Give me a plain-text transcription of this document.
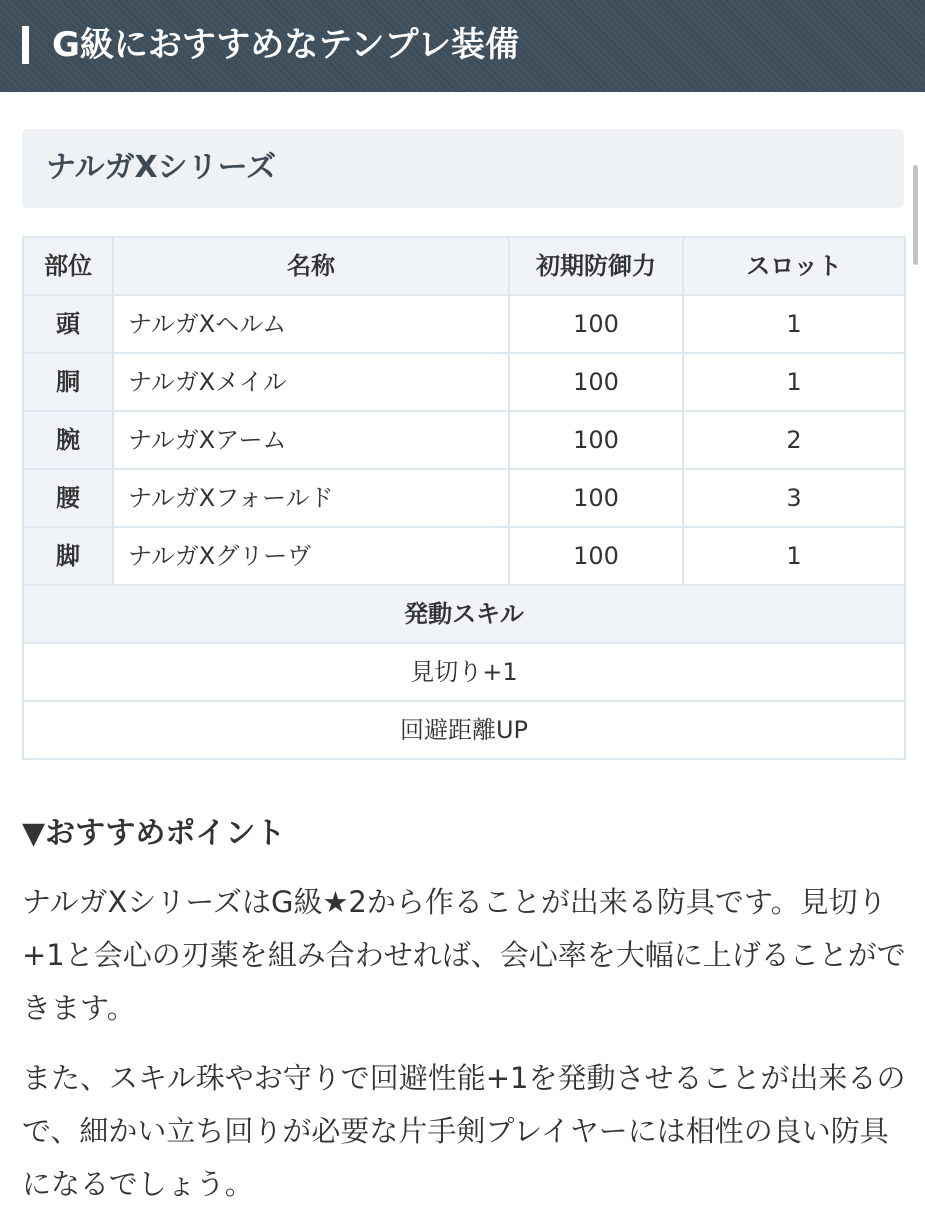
G級におすすめなテンプレ装備
ナルガXシリーズ
部位	名称	初期防御力	スロット
頭	ナルガXヘルム	100	1
胴	ナルガXメイル	100	1
腕	ナルガXアーム	100	2
腰	ナルガXフォールド	100	3
脚	ナルガXグリーヴ	100	1
発動スキル			
見切り+1			
回避距離UP			
▼おすすめポイント

ナルガXシリーズはG級★2から作ることが出来る防具です。見切り+1と会心の刃薬を組み合わせれば、会心率を大幅に上げることができます。

また、スキル珠やお守りで回避性能+1を発動させることが出来るので、細かい立ち回りが必要な片手剣プレイヤーには相性の良い防具になるでしょう。
